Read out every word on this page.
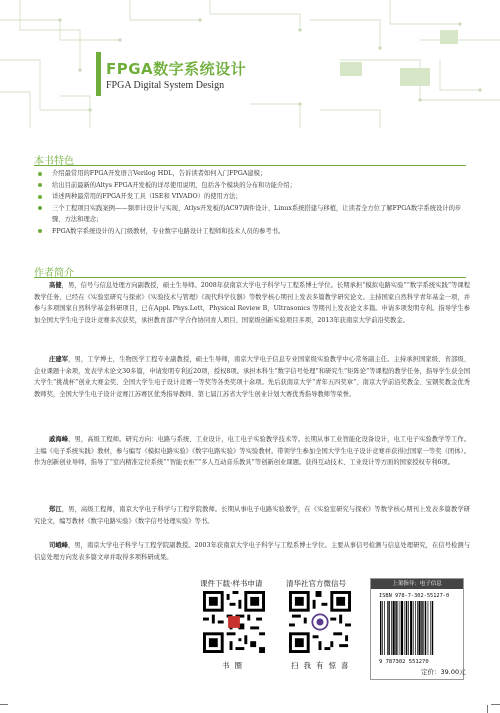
FPGA数字系统设计
FPGA Digital System Design
本书特色
介绍最常用的FPGA开发语言Verilog HDL，告诉读者如何入门FPGA建模；
给出目前最新的Altys FPGA开发板的详尽使用说明，包括各个模块的分布和功能介绍；
详述两种最常用的FPGA开发工具（ISE和 VIVADO）的使用方法；
三个工程项目实践案例——频率计设计与实现、Atlys开发板的AC97调件设计、Linux系统搭建与移植，让读者全方位了解FPGA数字系统设计的步骤、方法和理念；
FPGA数字系统设计的入门级教材，专业数字电路设计工程师和技术人员的参考书。
作者简介

高健，男，信号与信息处理方向副教授，硕士生导师。2008年获南京大学电子科学与工程系博士学位。长期承担“模拟电路实验”“数字系统实践”等课程教学任务，已经在《实验室研究与探索》《实验技术与管理》《现代科学仪器》等数学核心期刊上发表多篇教学研究论文。主持国家自然科学青年基金一项，并参与多项国家自然科学基金科研项目，已在Appl. Phys.Lett，Physical Review B，Ultrasonics 等期刊上发表论文多篇。申请多项发明专利。指导学生参加全国大学生电子设计竞赛多次获奖，承担教育部产学合作协同育人项目、国家级创新实验项目多项，2013年获南京大学前沿奖教金。

庄建军，男，工学博士，生物医学工程专业副教授，硕士生导师，南京大学电子信息专业国家级实验教学中心常务副主任。主持承担国家级、省部级、企业课题十余项，发表学术论文30多篇，申请发明专利近20项，授权8项。承担本科生“数字信号处理”和研究生“矩阵论”等课程的教学任务，指导学生获全国大学生“挑战杯”创业大赛金奖、全国大学生电子设计竞赛一等奖等各类奖项十余项。先后获南京大学“青年五四奖章”、南京大学前沿奖教金、宝钢奖教金优秀教师奖，全国大学生电子设计竞赛江苏赛区优秀指导教师、第七届江苏省大学生创业计划大赛优秀指导教师等荣誉。

戚海峰，男，高级工程师。研究方向：电路与系统、工业设计，电工电子实验教学技术等。长期从事工业智能化设备设计，电工电子实验教学等工作。主编《电子系统实践》教材，参与编写《模拟电路实验》《数字电路实验》等实验教材。带领学生参加全国大学生电子设计竞赛并获得过国家一等奖（团体）。作为创新创业导师，指导了“室内精准定位系统”“智能衣柜”“多人互动音乐教具”等创新创业课题。获得互动技术、工业设计等方面的国家授权专利6项。

郑江，男，高级工程师，南京大学电子科学与工程学院教师。长期从事电子电路实验教学，在《实验室研究与探索》等数学核心期刊上发表多篇教学研究论文，编写教材《数字电路实验》《数字信号处理实验》等书。

司峨峰，男，南京大学电子科学与工程学院副教授。2003年获南京大学电子科学与工程系博士学位。主要从事信号检测与信息处理研究，在信号检测与信息处理方向发表多篇文章并取得多项科研成果。

课件下载·样书申请
书圈
清华社官方微信号
扫我有惊喜
上架指导：电子信息
ISBN 978-7-302-55127-0
9 787302 551270
定价：39.00元
